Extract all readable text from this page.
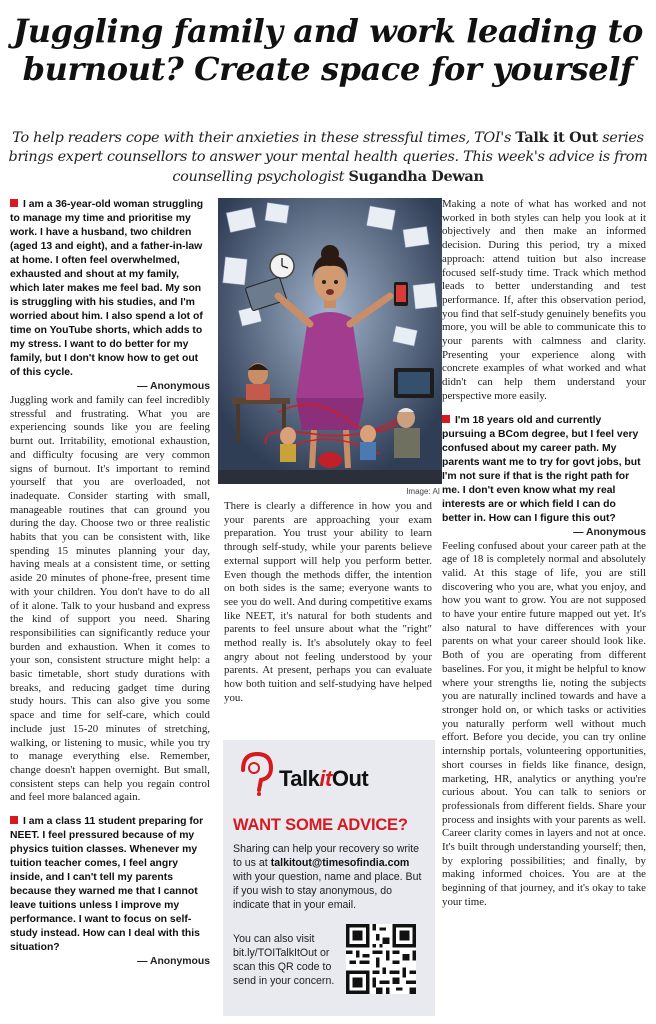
Juggling family and work leading to burnout? Create space for yourself
To help readers cope with their anxieties in these stressful times, TOI's Talk it Out series brings expert counsellors to answer your mental health queries. This week's advice is from counselling psychologist Sugandha Dewan

I am a 36-year-old woman struggling to manage my time and prioritise my work. I have a husband, two children (aged 13 and eight), and a father-in-law at home. I often feel overwhelmed, exhausted and shout at my family, which later makes me feel bad. My son is struggling with his studies, and I'm worried about him. I also spend a lot of time on YouTube shorts, which adds to my stress. I want to do better for my family, but I don't know how to get out of this cycle.

— Anonymous

Juggling work and family can feel incredibly stressful and frustrating. What you are experiencing sounds like you are feeling burnt out. Irritability, emotional exhaustion, and difficulty focusing are very common signs of burnout. It's important to remind yourself that you are overloaded, not inadequate. Consider starting with small, manageable routines that can ground you during the day. Choose two or three realistic habits that you can be consistent with, like spending 15 minutes planning your day, having meals at a consistent time, or setting aside 20 minutes of phone-free, present time with your children. You don't have to do all of it alone. Talk to your husband and express the kind of support you need. Sharing responsibilities can significantly reduce your burden and exhaustion. When it comes to your son, consistent structure might help: a basic timetable, short study durations with breaks, and reducing gadget time during study hours. This can also give you some space and time for self-care, which could include just 15-20 minutes of stretching, walking, or listening to music, while you try to manage everything else. Remember, change doesn't happen overnight. But small, consistent steps can help you regain control and feel more balanced again.

I am a class 11 student preparing for NEET. I feel pressured because of my physics tuition classes. Whenever my tuition teacher comes, I feel angry inside, and I can't tell my parents because they warned me that I cannot leave tuitions unless I improve my performance. I want to focus on self-study instead. How can I deal with this situation?

— Anonymous

Image: AI

There is clearly a difference in how you and your parents are approaching your exam preparation. You trust your ability to learn through self-study, while your parents believe external support will help you perform better. Even though the methods differ, the intention on both sides is the same; everyone wants to see you do well. And during competitive exams like NEET, it's natural for both students and parents to feel unsure about what the "right" method really is. It's absolutely okay to feel angry about not feeling understood by your parents. At present, perhaps you can evaluate how both tuition and self-studying have helped you.

TalkitOut
WANT SOME ADVICE?
Sharing can help your recovery so write to us at talkitout@timesofindia.com with your question, name and place. But if you wish to stay anonymous, do indicate that in your email.
You can also visit bit.ly/TOITalkItOut or scan this QR code to send in your concern.

Making a note of what has worked and not worked in both styles can help you look at it objectively and then make an informed decision. During this period, try a mixed approach: attend tuition but also increase focused self-study time. Track which method leads to better understanding and test performance. If, after this observation period, you find that self-study genuinely benefits you more, you will be able to communicate this to your parents with calmness and clarity. Presenting your experience along with concrete examples of what worked and what didn't can help them understand your perspective more easily.

I'm 18 years old and currently pursuing a BCom degree, but I feel very confused about my career path. My parents want me to try for govt jobs, but I'm not sure if that is the right path for me. I don't even know what my real interests are or which field I can do better in. How can I figure this out?

— Anonymous

Feeling confused about your career path at the age of 18 is completely normal and absolutely valid. At this stage of life, you are still discovering who you are, what you enjoy, and how you want to grow. You are not supposed to have your entire future mapped out yet. It's also natural to have differences with your parents on what your career should look like. Both of you are operating from different baselines. For you, it might be helpful to know where your strengths lie, noting the subjects you are naturally inclined towards and have a stronger hold on, or which tasks or activities you naturally perform well without much effort. Before you decide, you can try online internship portals, volunteering opportunities, short courses in fields like finance, design, marketing, HR, analytics or anything you're curious about. You can talk to seniors or professionals from different fields. Share your process and insights with your parents as well. Career clarity comes in layers and not at once. It's built through understanding yourself; then, by exploring possibilities; and finally, by making informed choices. You are at the beginning of that journey, and it's okay to take your time.
